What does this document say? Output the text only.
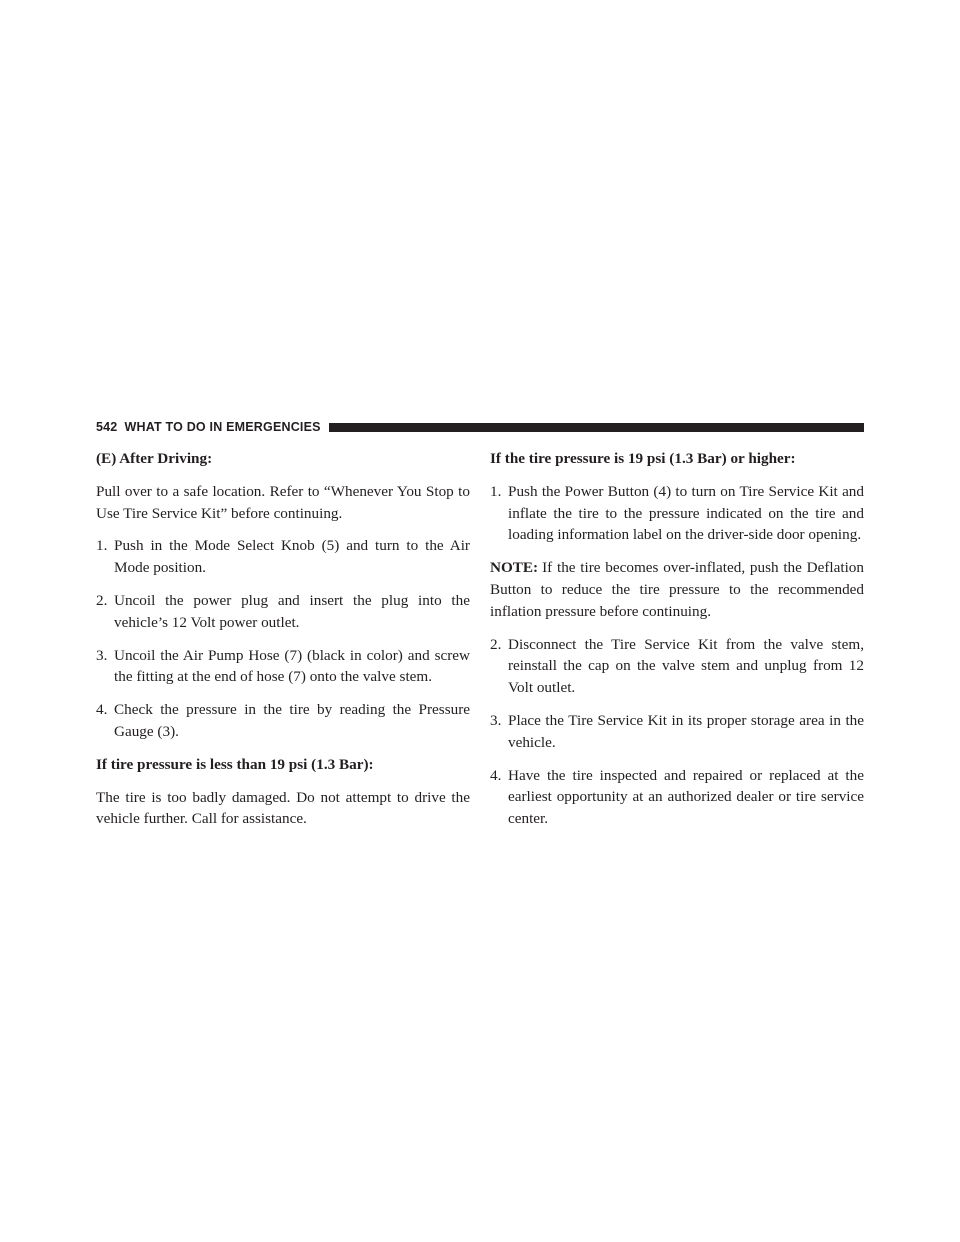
542 WHAT TO DO IN EMERGENCIES

(E) After Driving:

Pull over to a safe location. Refer to “Whenever You Stop to Use Tire Service Kit” before continuing.

1. Push in the Mode Select Knob (5) and turn to the Air Mode position.
2. Uncoil the power plug and insert the plug into the vehicle’s 12 Volt power outlet.
3. Uncoil the Air Pump Hose (7) (black in color) and screw the fitting at the end of hose (7) onto the valve stem.
4. Check the pressure in the tire by reading the Pressure Gauge (3).

If tire pressure is less than 19 psi (1.3 Bar):

The tire is too badly damaged. Do not attempt to drive the vehicle further. Call for assistance.

If the tire pressure is 19 psi (1.3 Bar) or higher:

1. Push the Power Button (4) to turn on Tire Service Kit and inflate the tire to the pressure indicated on the tire and loading information label on the driver-side door opening.

NOTE: If the tire becomes over-inflated, push the Deflation Button to reduce the tire pressure to the recommended inflation pressure before continuing.

2. Disconnect the Tire Service Kit from the valve stem, reinstall the cap on the valve stem and unplug from 12 Volt outlet.
3. Place the Tire Service Kit in its proper storage area in the vehicle.
4. Have the tire inspected and repaired or replaced at the earliest opportunity at an authorized dealer or tire service center.
